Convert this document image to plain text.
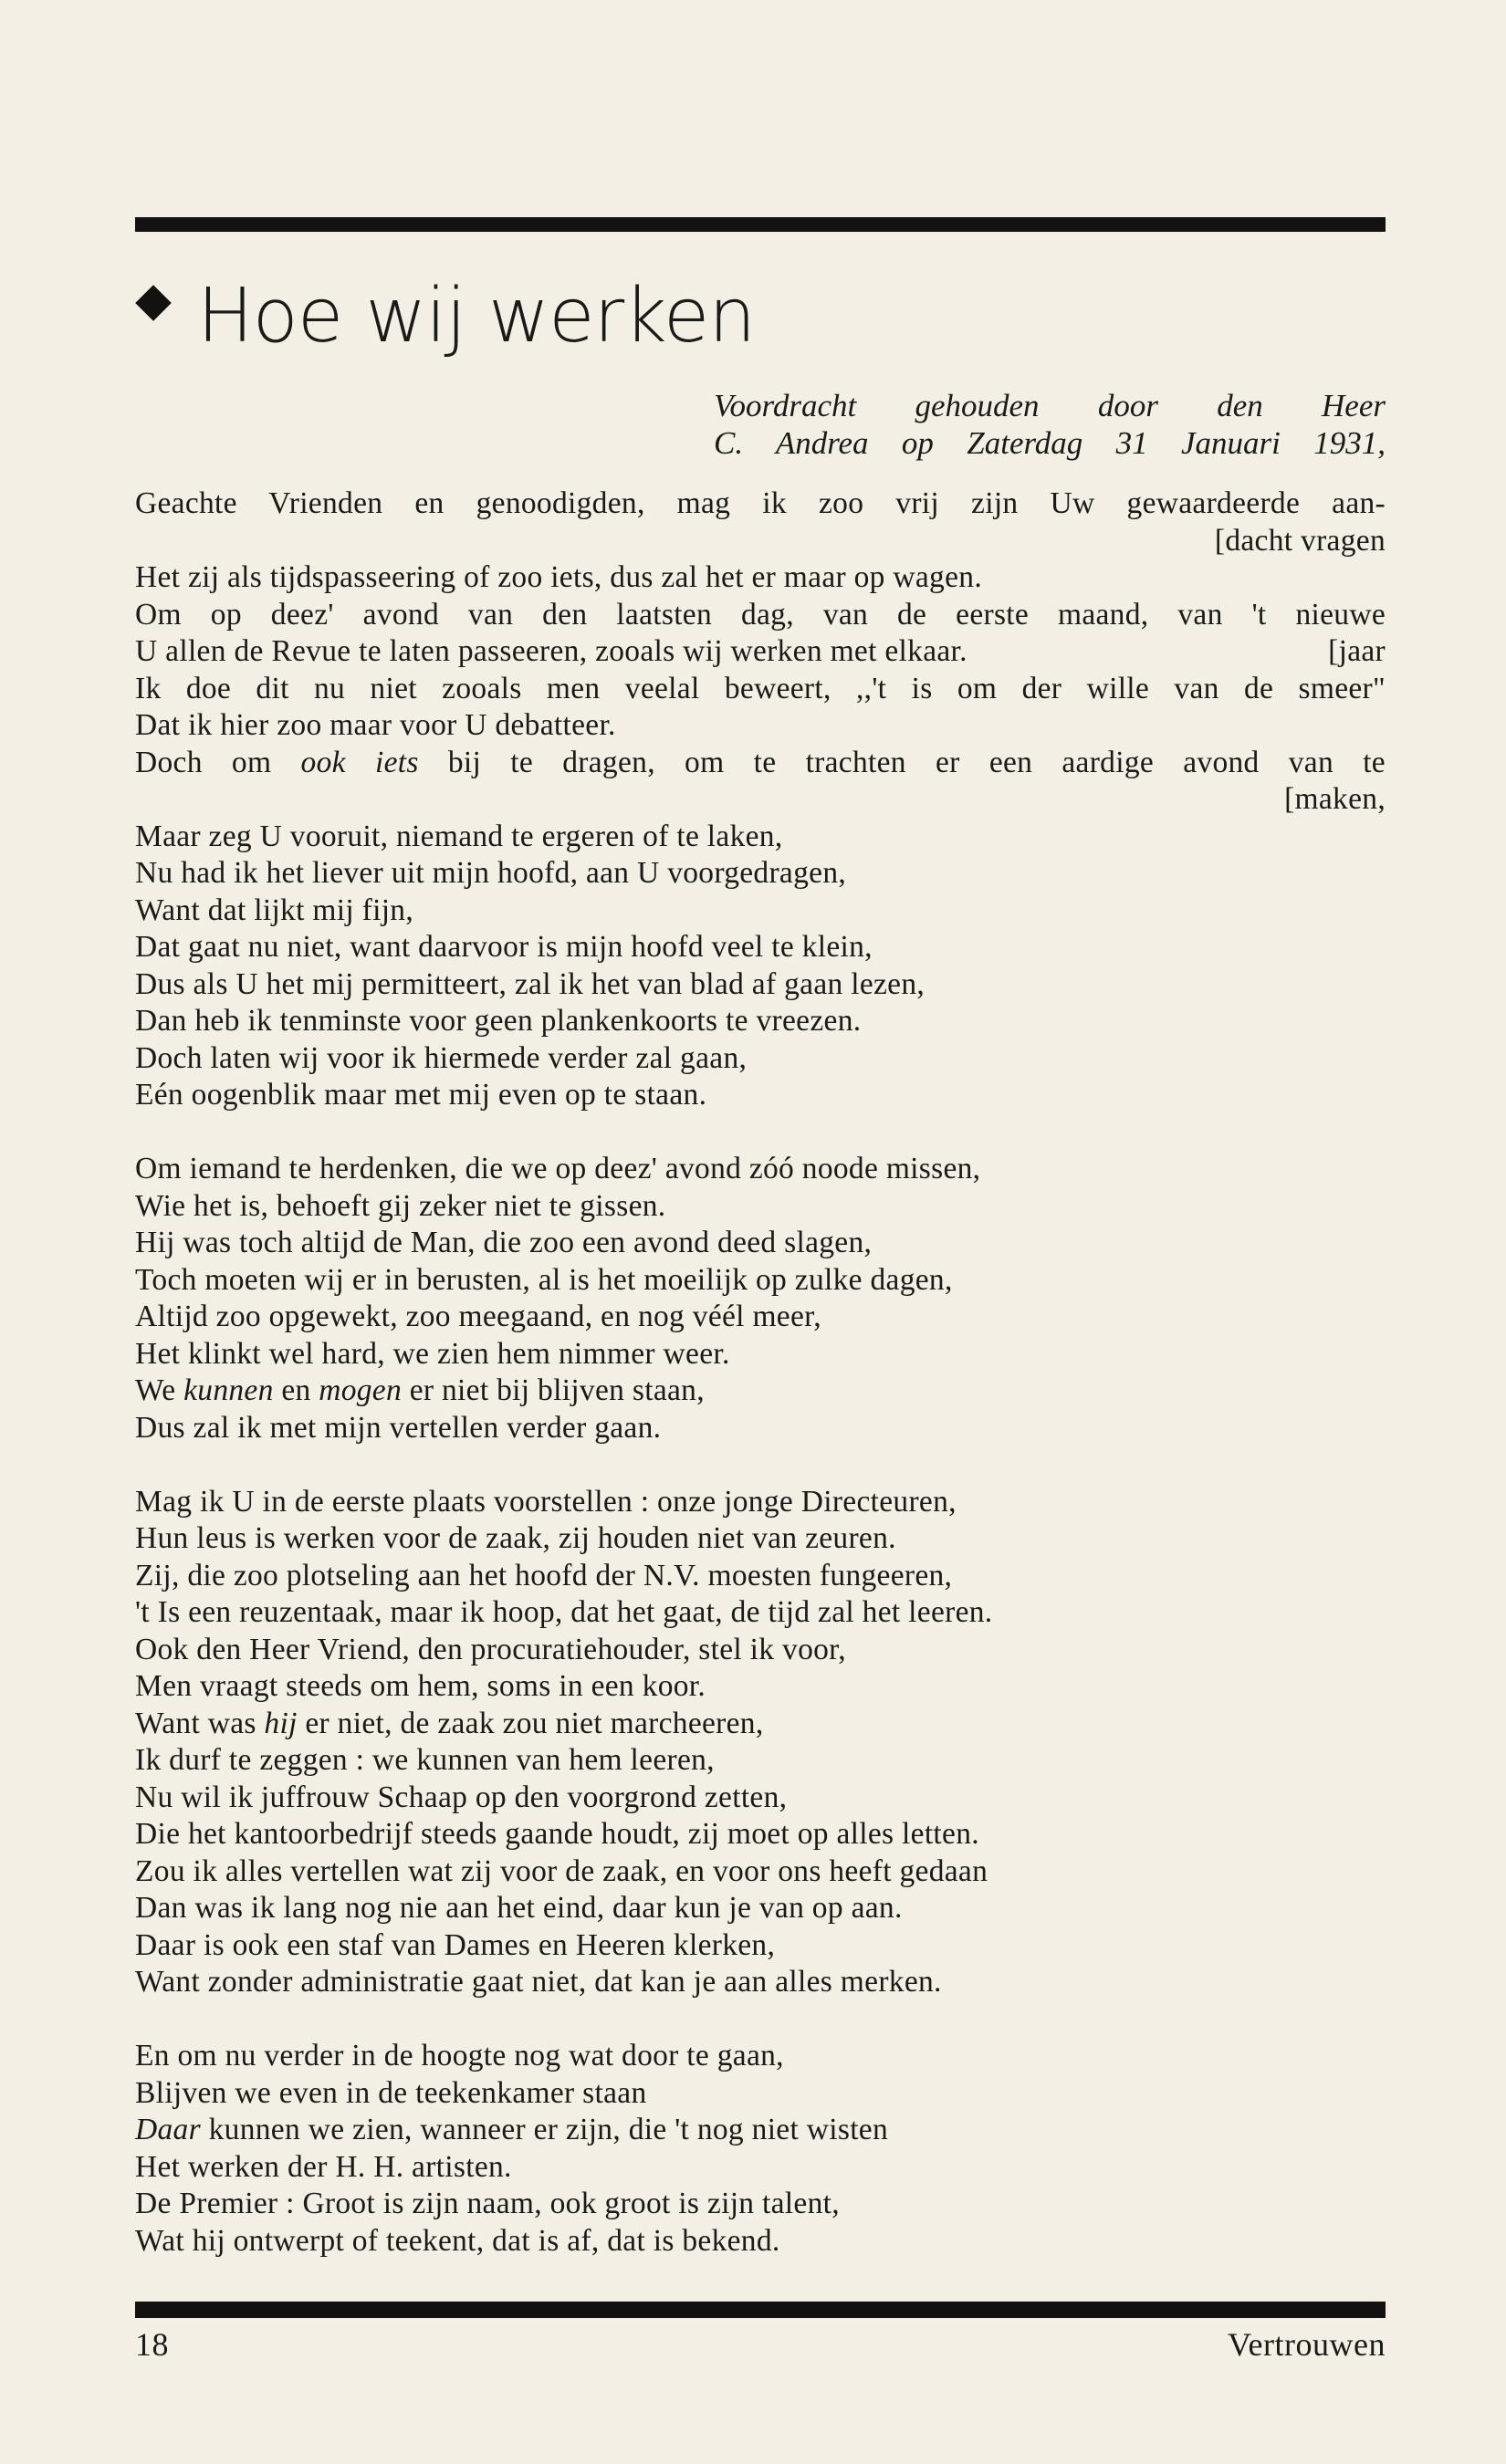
Hoe wij werken
Voordracht gehouden door den Heer
C. Andrea op Zaterdag 31 Januari 1931,
Geachte Vrienden en genoodigden, mag ik zoo vrij zijn Uw gewaardeerde aan-
[dacht vragen
Het zij als tijdspasseering of zoo iets, dus zal het er maar op wagen.
Om op deez' avond van den laatsten dag, van de eerste maand, van 't nieuwe
U allen de Revue te laten passeeren, zooals wij werken met elkaar.	[jaar
Ik doe dit nu niet zooals men veelal beweert, ,,'t is om der wille van de smeer"
Dat ik hier zoo maar voor U debatteer.
Doch om ook iets bij te dragen, om te trachten er een aardige avond van te
[maken,
Maar zeg U vooruit, niemand te ergeren of te laken,
Nu had ik het liever uit mijn hoofd, aan U voorgedragen,
Want dat lijkt mij fijn,
Dat gaat nu niet, want daarvoor is mijn hoofd veel te klein,
Dus als U het mij permitteert, zal ik het van blad af gaan lezen,
Dan heb ik tenminste voor geen plankenkoorts te vreezen.
Doch laten wij voor ik hiermede verder zal gaan,
Eén oogenblik maar met mij even op te staan.
Om iemand te herdenken, die we op deez' avond zóó noode missen,
Wie het is, behoeft gij zeker niet te gissen.
Hij was toch altijd de Man, die zoo een avond deed slagen,
Toch moeten wij er in berusten, al is het moeilijk op zulke dagen,
Altijd zoo opgewekt, zoo meegaand, en nog véél meer,
Het klinkt wel hard, we zien hem nimmer weer.
We kunnen en mogen er niet bij blijven staan,
Dus zal ik met mijn vertellen verder gaan.
Mag ik U in de eerste plaats voorstellen : onze jonge Directeuren,
Hun leus is werken voor de zaak, zij houden niet van zeuren.
Zij, die zoo plotseling aan het hoofd der N.V. moesten fungeeren,
't Is een reuzentaak, maar ik hoop, dat het gaat, de tijd zal het leeren.
Ook den Heer Vriend, den procuratiehouder, stel ik voor,
Men vraagt steeds om hem, soms in een koor.
Want was hij er niet, de zaak zou niet marcheeren,
Ik durf te zeggen : we kunnen van hem leeren,
Nu wil ik juffrouw Schaap op den voorgrond zetten,
Die het kantoorbedrijf steeds gaande houdt, zij moet op alles letten.
Zou ik alles vertellen wat zij voor de zaak, en voor ons heeft gedaan
Dan was ik lang nog nie aan het eind, daar kun je van op aan.
Daar is ook een staf van Dames en Heeren klerken,
Want zonder administratie gaat niet, dat kan je aan alles merken.
En om nu verder in de hoogte nog wat door te gaan,
Blijven we even in de teekenkamer staan
Daar kunnen we zien, wanneer er zijn, die 't nog niet wisten
Het werken der H. H. artisten.
De Premier : Groot is zijn naam, ook groot is zijn talent,
Wat hij ontwerpt of teekent, dat is af, dat is bekend.
18	Vertrouwen
